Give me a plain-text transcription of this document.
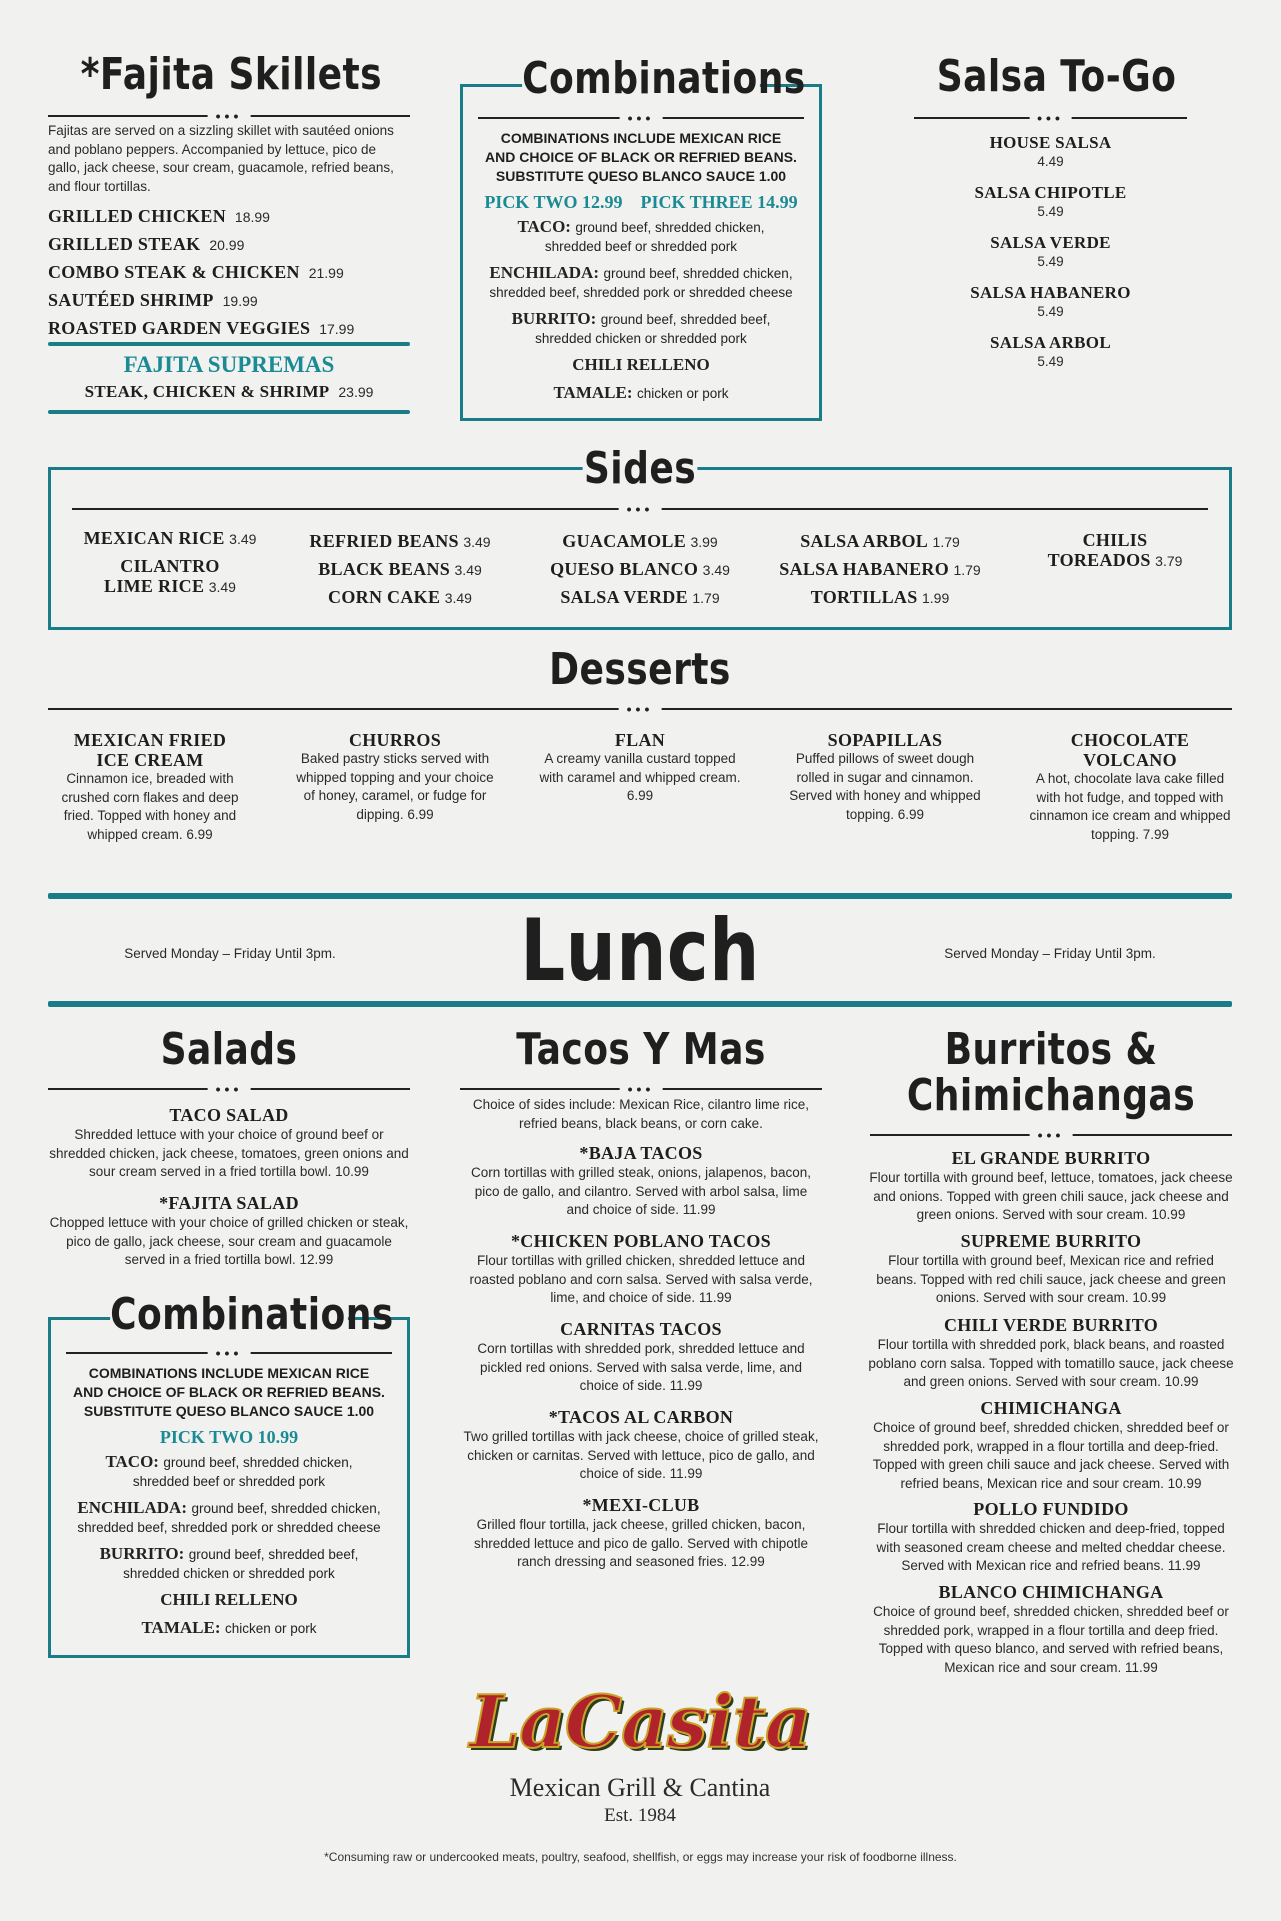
*Fajita Skillets
•••
Fajitas are served on a sizzling skillet with sautéed onions and poblano peppers. Accompanied by lettuce, pico de gallo, jack cheese, sour cream, guacamole, refried beans, and flour tortillas.
GRILLED CHICKEN 18.99
GRILLED STEAK 20.99
COMBO STEAK & CHICKEN 21.99
SAUTÉED SHRIMP 19.99
ROASTED GARDEN VEGGIES 17.99
FAJITA SUPREMAS
STEAK, CHICKEN & SHRIMP 23.99
Combinations
•••
COMBINATIONS INCLUDE MEXICAN RICE
AND CHOICE OF BLACK OR REFRIED BEANS.
SUBSTITUTE QUESO BLANCO SAUCE 1.00
PICK TWO 12.99    PICK THREE 14.99
TACO: ground beef, shredded chicken,
shredded beef or shredded pork
ENCHILADA: ground beef, shredded chicken,
shredded beef, shredded pork or shredded cheese
BURRITO: ground beef, shredded beef,
shredded chicken or shredded pork
CHILI RELLENO
TAMALE: chicken or pork
Salsa To-Go
•••
HOUSE SALSA
4.49
SALSA CHIPOTLE
5.49
SALSA VERDE
5.49
SALSA HABANERO
5.49
SALSA ARBOL
5.49
Sides
•••
MEXICAN RICE 3.49
CILANTRO
LIME RICE 3.49
REFRIED BEANS 3.49
BLACK BEANS 3.49
CORN CAKE 3.49
GUACAMOLE 3.99
QUESO BLANCO 3.49
SALSA VERDE 1.79
SALSA ARBOL 1.79
SALSA HABANERO 1.79
TORTILLAS 1.99
CHILIS
TOREADOS 3.79
Desserts
•••
MEXICAN FRIED
ICE CREAM
Cinnamon ice, breaded with crushed corn flakes and deep fried. Topped with honey and whipped cream. 6.99
CHURROS
Baked pastry sticks served with whipped topping and your choice of honey, caramel, or fudge for dipping. 6.99
FLAN
A creamy vanilla custard topped with caramel and whipped cream. 6.99
SOPAPILLAS
Puffed pillows of sweet dough rolled in sugar and cinnamon. Served with honey and whipped topping. 6.99
CHOCOLATE
VOLCANO
A hot, chocolate lava cake filled with hot fudge, and topped with cinnamon ice cream and whipped topping. 7.99
Served Monday – Friday Until 3pm. Lunch	Served Monday – Friday Until 3pm.
Salads
•••
TACO SALAD
Shredded lettuce with your choice of ground beef or shredded chicken, jack cheese, tomatoes, green onions and sour cream served in a fried tortilla bowl. 10.99
*FAJITA SALAD
Chopped lettuce with your choice of grilled chicken or steak, pico de gallo, jack cheese, sour cream and guacamole served in a fried tortilla bowl. 12.99
Combinations
•••
COMBINATIONS INCLUDE MEXICAN RICE
AND CHOICE OF BLACK OR REFRIED BEANS.
SUBSTITUTE QUESO BLANCO SAUCE 1.00
PICK TWO 10.99
TACO: ground beef, shredded chicken,
shredded beef or shredded pork
ENCHILADA: ground beef, shredded chicken,
shredded beef, shredded pork or shredded cheese
BURRITO: ground beef, shredded beef,
shredded chicken or shredded pork
CHILI RELLENO
TAMALE: chicken or pork
Tacos Y Mas
•••
Choice of sides include: Mexican Rice, cilantro lime rice, refried beans, black beans, or corn cake.
*BAJA TACOS
Corn tortillas with grilled steak, onions, jalapenos, bacon, pico de gallo, and cilantro. Served with arbol salsa, lime and choice of side. 11.99
*CHICKEN POBLANO TACOS
Flour tortillas with grilled chicken, shredded lettuce and roasted poblano and corn salsa. Served with salsa verde, lime, and choice of side. 11.99
CARNITAS TACOS
Corn tortillas with shredded pork, shredded lettuce and pickled red onions. Served with salsa verde, lime, and choice of side. 11.99
*TACOS AL CARBON
Two grilled tortillas with jack cheese, choice of grilled steak, chicken or carnitas. Served with lettuce, pico de gallo, and choice of side. 11.99
*MEXI-CLUB
Grilled flour tortilla, jack cheese, grilled chicken, bacon, shredded lettuce and pico de gallo. Served with chipotle ranch dressing and seasoned fries. 12.99
Burritos &
Chimichangas
•••
EL GRANDE BURRITO
Flour tortilla with ground beef, lettuce, tomatoes, jack cheese and onions. Topped with green chili sauce, jack cheese and green onions. Served with sour cream. 10.99
SUPREME BURRITO
Flour tortilla with ground beef, Mexican rice and refried beans. Topped with red chili sauce, jack cheese and green onions. Served with sour cream. 10.99
CHILI VERDE BURRITO
Flour tortilla with shredded pork, black beans, and roasted poblano corn salsa. Topped with tomatillo sauce, jack cheese and green onions. Served with sour cream. 10.99
CHIMICHANGA
Choice of ground beef, shredded chicken, shredded beef or shredded pork, wrapped in a flour tortilla and deep-fried. Topped with green chili sauce and jack cheese. Served with refried beans, Mexican rice and sour cream. 10.99
POLLO FUNDIDO
Flour tortilla with shredded chicken and deep-fried, topped with seasoned cream cheese and melted cheddar cheese. Served with Mexican rice and refried beans. 11.99
BLANCO CHIMICHANGA
Choice of ground beef, shredded chicken, shredded beef or shredded pork, wrapped in a flour tortilla and deep fried. Topped with queso blanco, and served with refried beans, Mexican rice and sour cream. 11.99
LaCasita
Mexican Grill & Cantina
Est. 1984
*Consuming raw or undercooked meats, poultry, seafood, shellfish, or eggs may increase your risk of foodborne illness.
